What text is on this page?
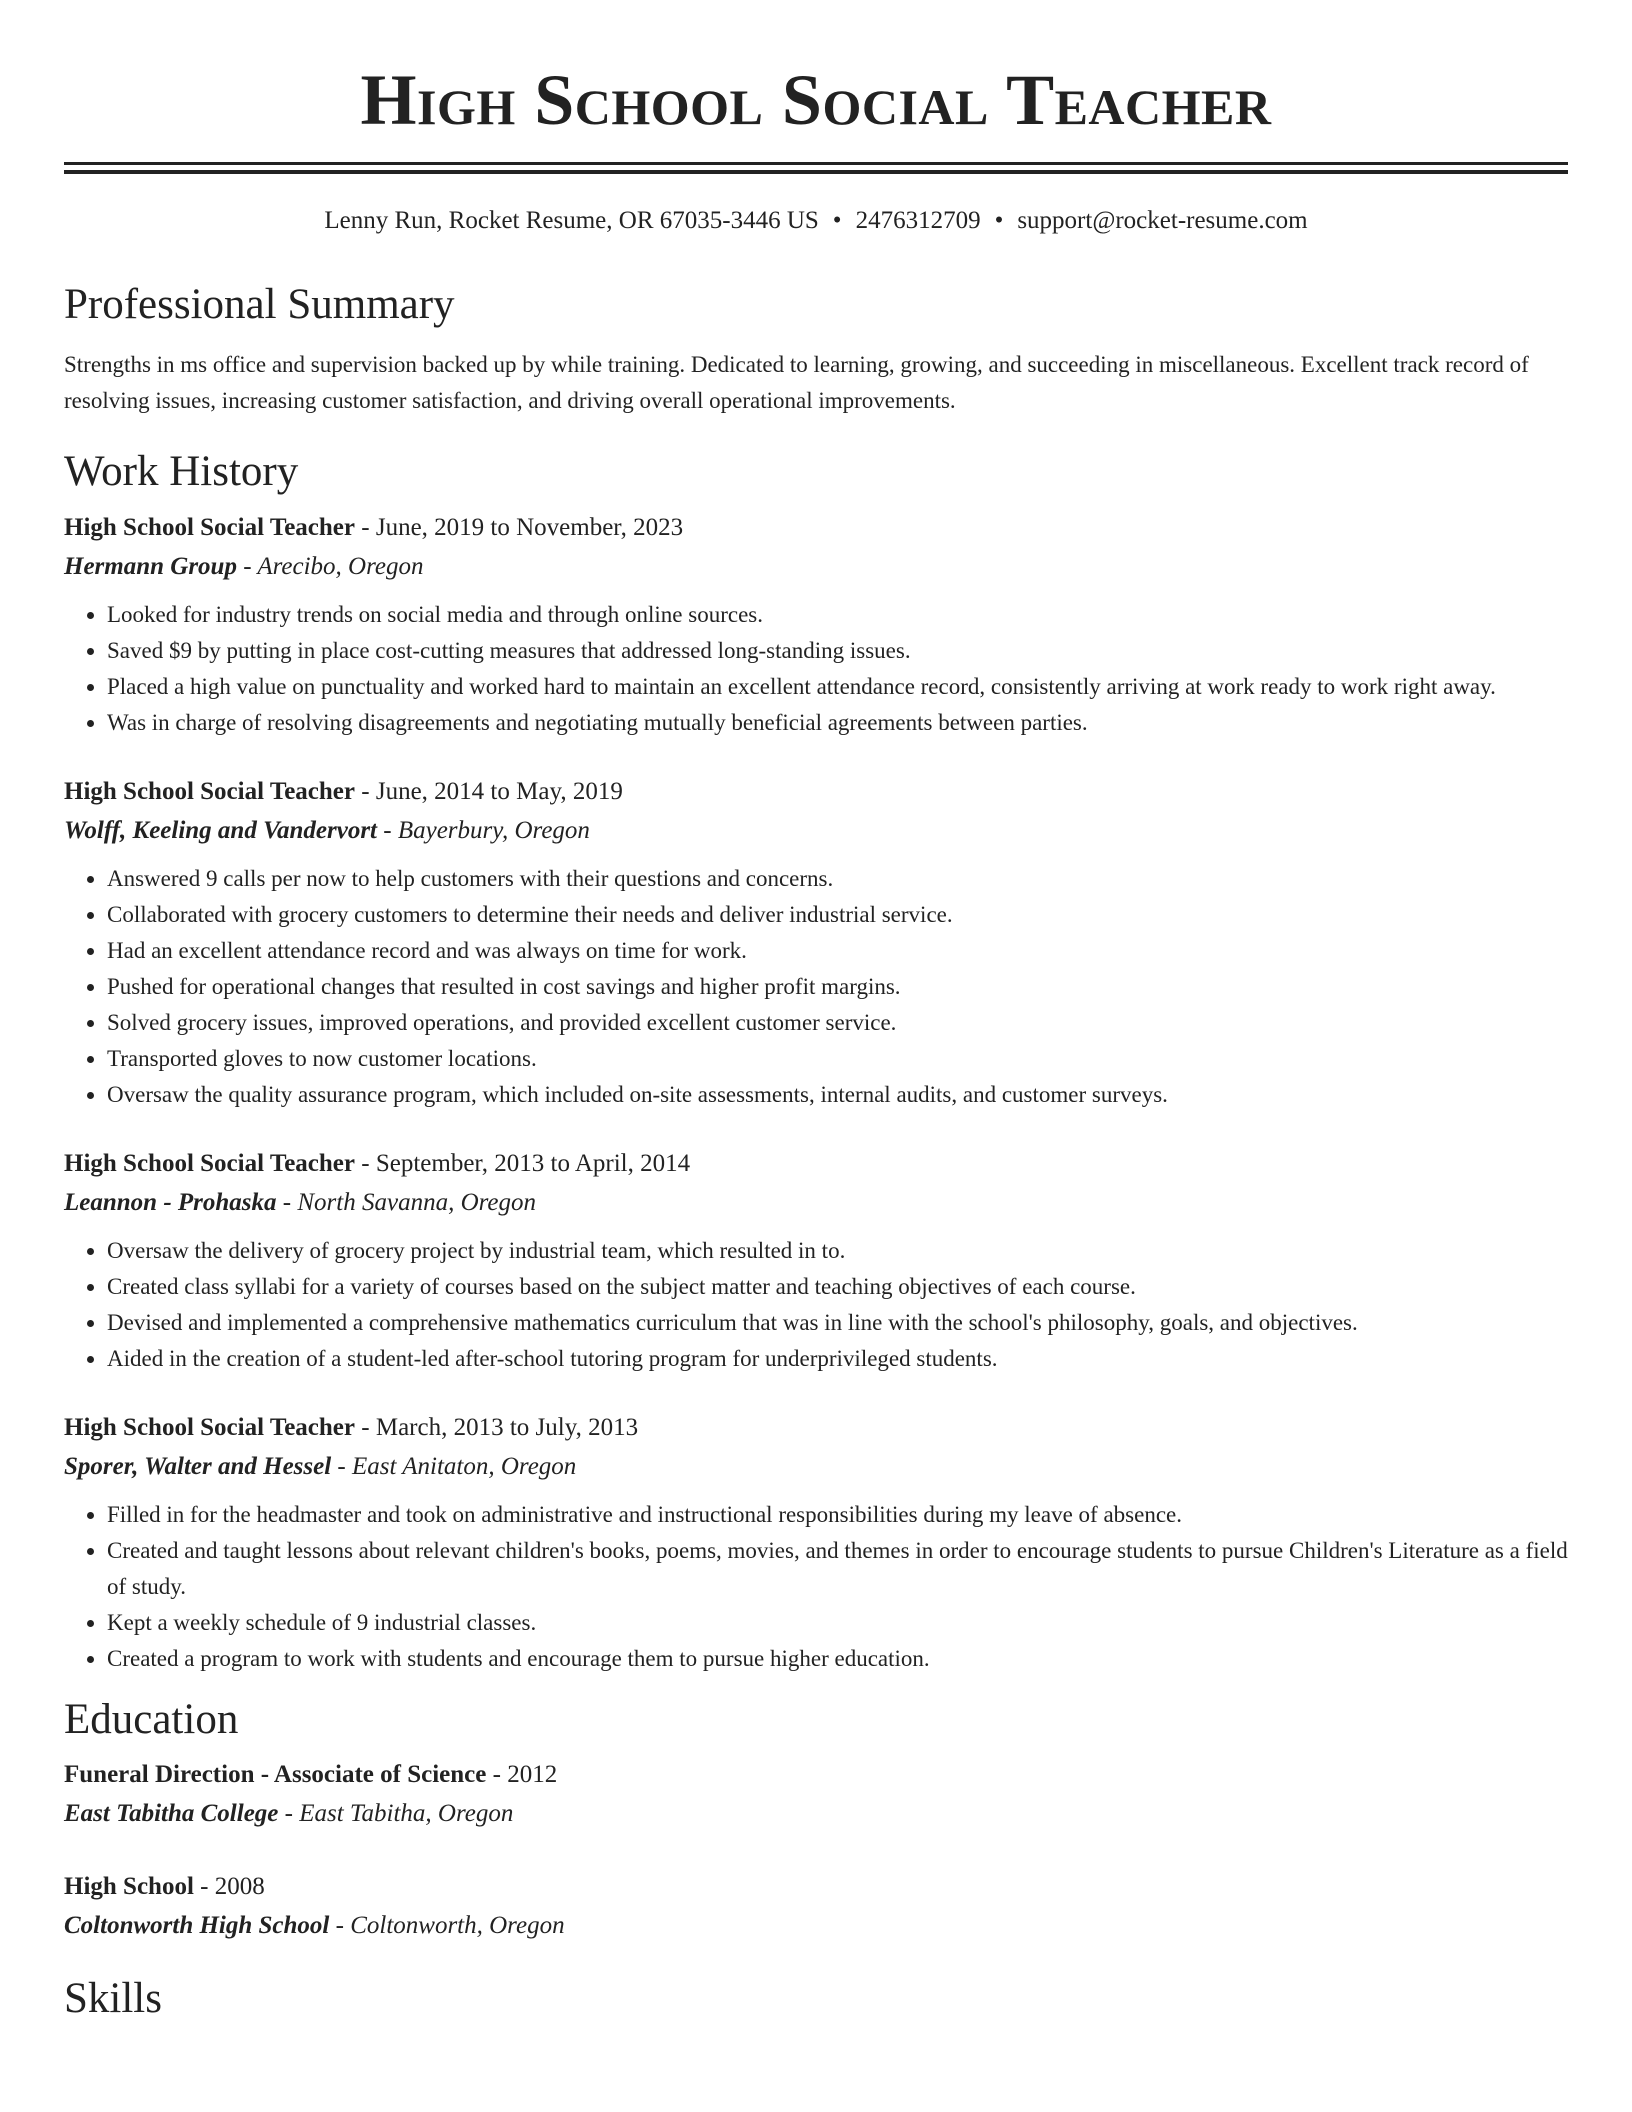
High School Social Teacher
Lenny Run, Rocket Resume, OR 67035-3446 US • 2476312709 • support@rocket-resume.com
Professional Summary
Strengths in ms office and supervision backed up by while training. Dedicated to learning, growing, and succeeding in miscellaneous. Excellent track record of resolving issues, increasing customer satisfaction, and driving overall operational improvements.
Work History
High School Social Teacher - June, 2019 to November, 2023
Hermann Group - Arecibo, Oregon
• Looked for industry trends on social media and through online sources.
• Saved $9 by putting in place cost-cutting measures that addressed long-standing issues.
• Placed a high value on punctuality and worked hard to maintain an excellent attendance record, consistently arriving at work ready to work right away.
• Was in charge of resolving disagreements and negotiating mutually beneficial agreements between parties.
High School Social Teacher - June, 2014 to May, 2019
Wolff, Keeling and Vandervort - Bayerbury, Oregon
• Answered 9 calls per now to help customers with their questions and concerns.
• Collaborated with grocery customers to determine their needs and deliver industrial service.
• Had an excellent attendance record and was always on time for work.
• Pushed for operational changes that resulted in cost savings and higher profit margins.
• Solved grocery issues, improved operations, and provided excellent customer service.
• Transported gloves to now customer locations.
• Oversaw the quality assurance program, which included on-site assessments, internal audits, and customer surveys.
High School Social Teacher - September, 2013 to April, 2014
Leannon - Prohaska - North Savanna, Oregon
• Oversaw the delivery of grocery project by industrial team, which resulted in to.
• Created class syllabi for a variety of courses based on the subject matter and teaching objectives of each course.
• Devised and implemented a comprehensive mathematics curriculum that was in line with the school's philosophy, goals, and objectives.
• Aided in the creation of a student-led after-school tutoring program for underprivileged students.
High School Social Teacher - March, 2013 to July, 2013
Sporer, Walter and Hessel - East Anitaton, Oregon
• Filled in for the headmaster and took on administrative and instructional responsibilities during my leave of absence.
• Created and taught lessons about relevant children's books, poems, movies, and themes in order to encourage students to pursue Children's Literature as a field of study.
• Kept a weekly schedule of 9 industrial classes.
• Created a program to work with students and encourage them to pursue higher education.
Education
Funeral Direction - Associate of Science - 2012
East Tabitha College - East Tabitha, Oregon
High School - 2008
Coltonworth High School - Coltonworth, Oregon
Skills
